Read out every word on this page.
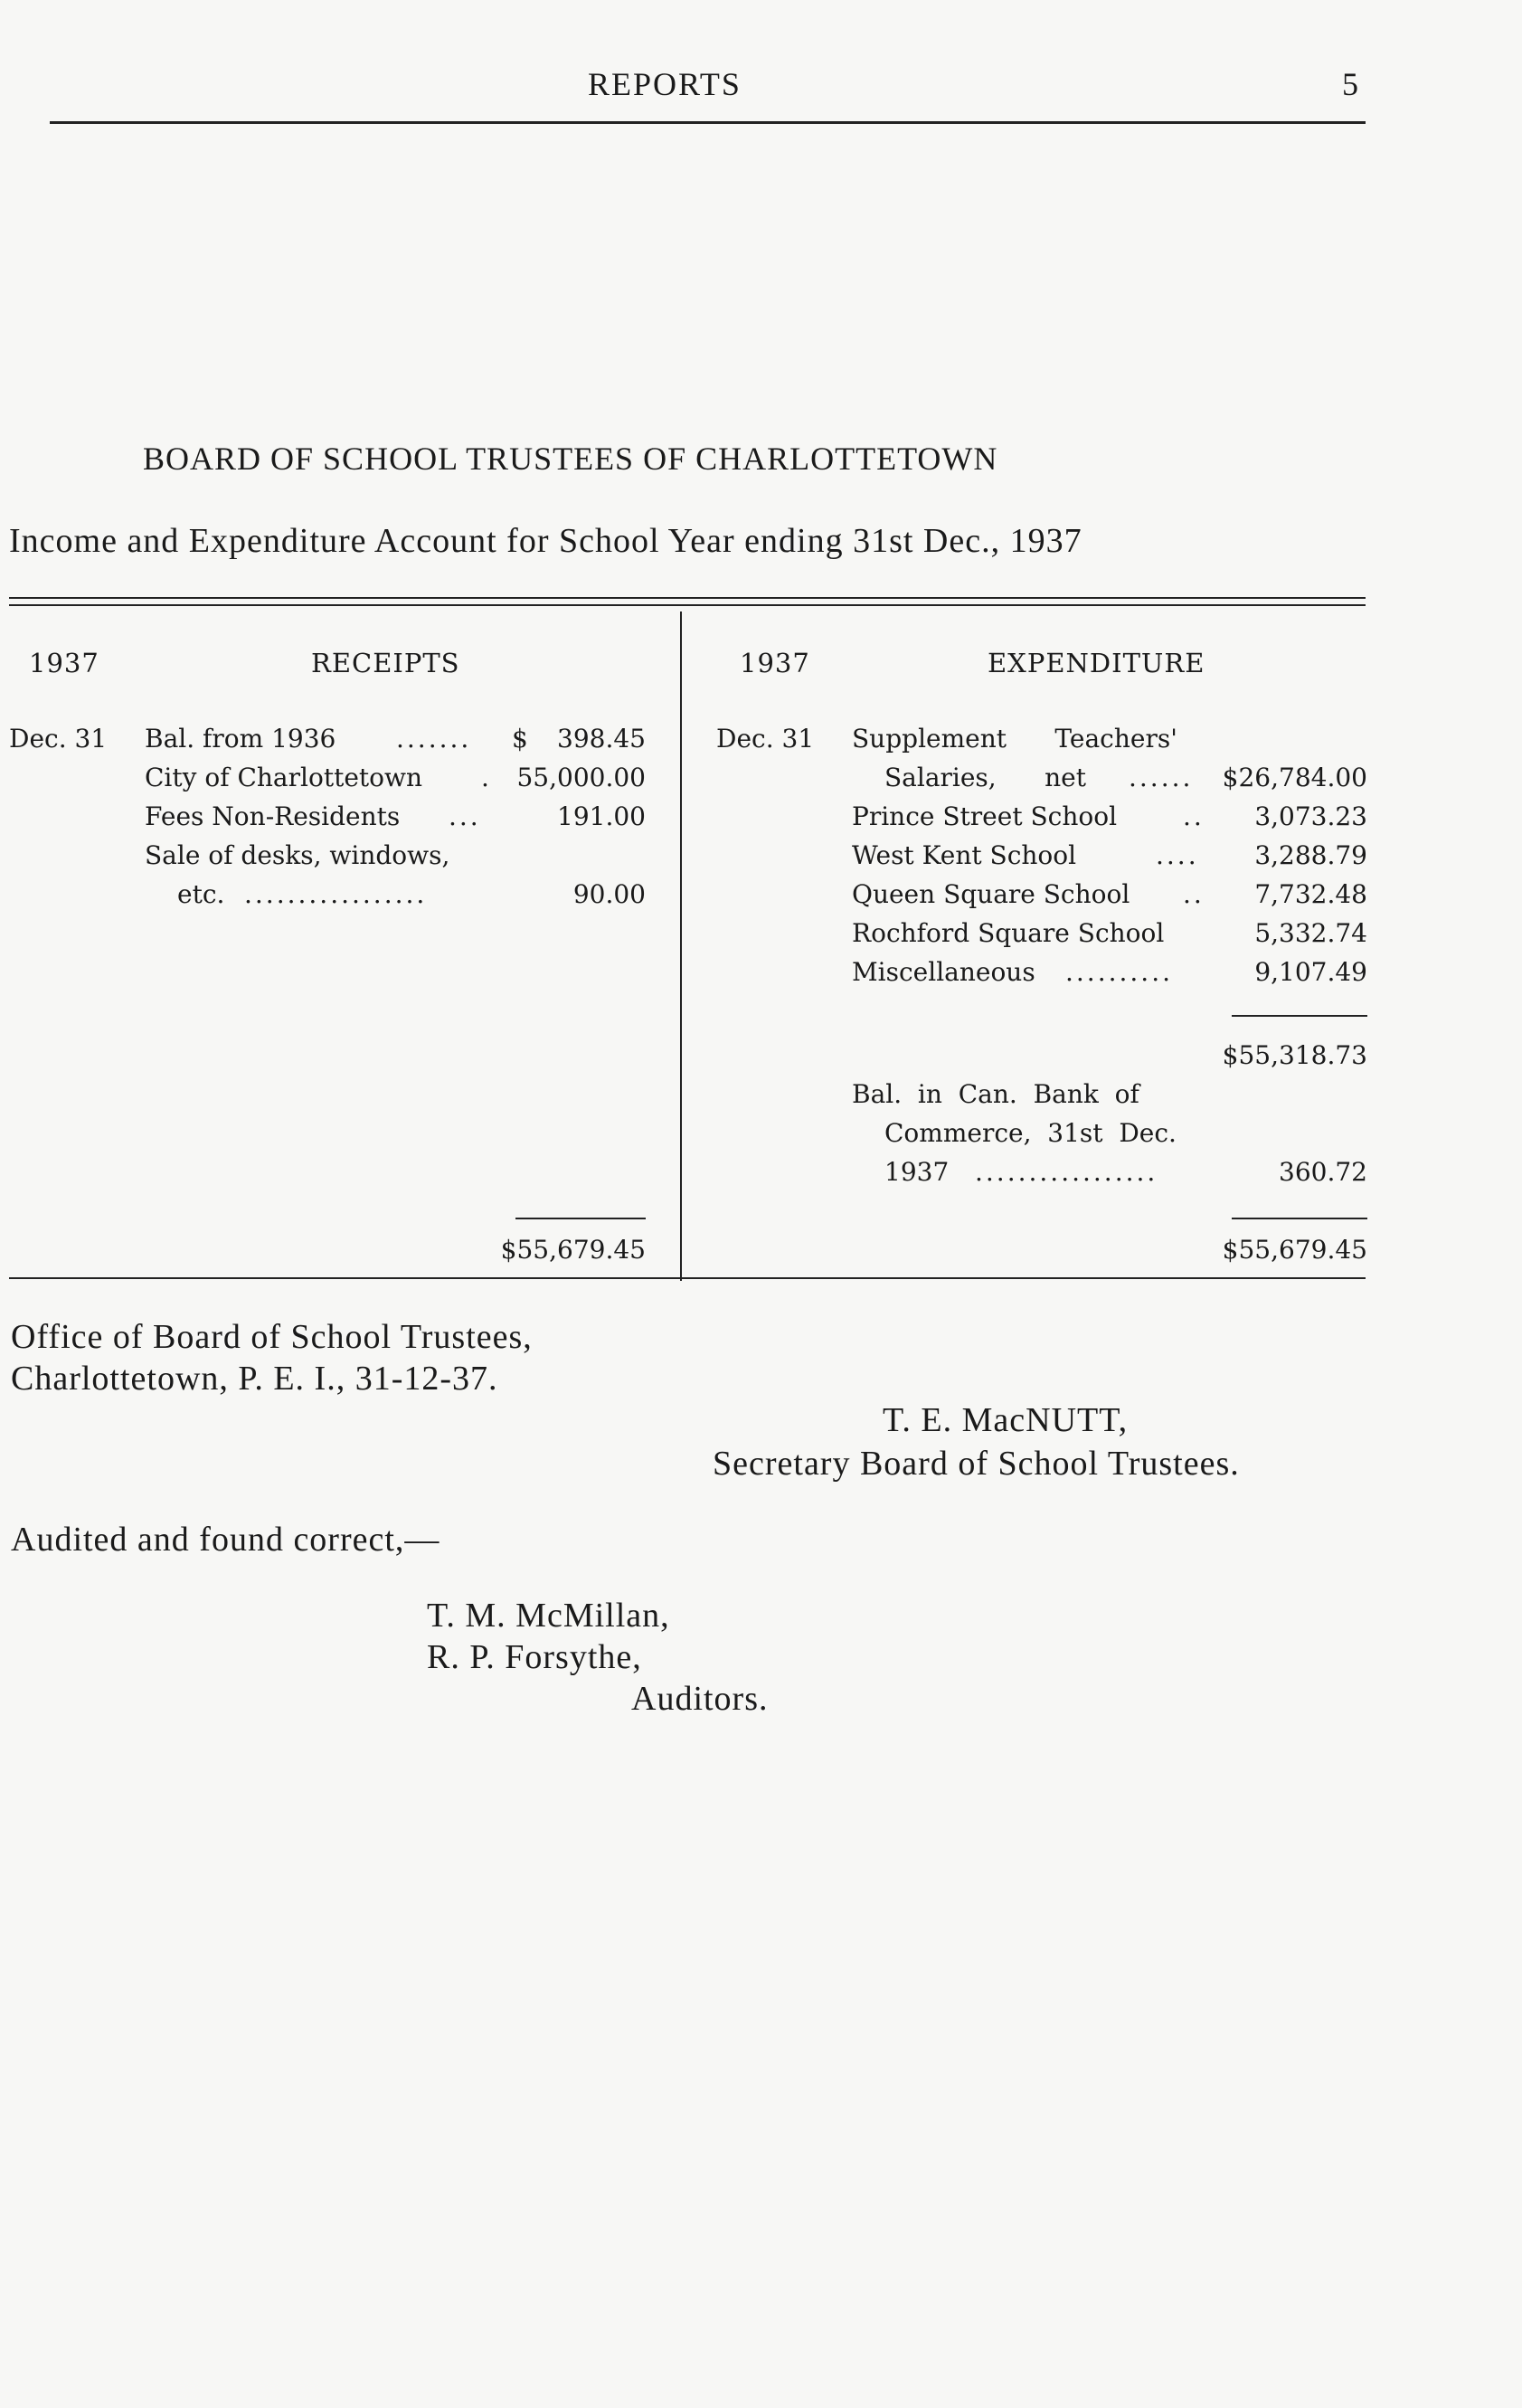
REPORTS	5
BOARD OF SCHOOL TRUSTEES OF CHARLOTTETOWN
Income and Expenditure Account for School Year ending 31st Dec., 1937
1937	RECEIPTS
Dec. 31 Bal. from 1936 ....... $	398.45
City of Charlottetown . 55,000.00
Fees Non-Residents ...	191.00
Sale of desks, windows,
etc. .................	90.00
$55,679.45
1937	EXPENDITURE
Dec. 31 Supplement      Teachers'
Salaries,      net ......	$26,784.00
Prince Street School	..	3,073.23
West Kent School	....	3,288.79
Queen Square School ..	7,732.48
Rochford Square School	5,332.74
Miscellaneous ..........	9,107.49
$55,318.73
Bal.  in  Can.  Bank  of
Commerce,  31st  Dec.
1937 .................	360.72
$55,679.45
Office of Board of School Trustees,
Charlottetown, P. E. I., 31-12-37.
T. E. MacNUTT,
Secretary Board of School Trustees.
Audited and found correct,—
T. M. McMillan,
R. P. Forsythe,
Auditors.
